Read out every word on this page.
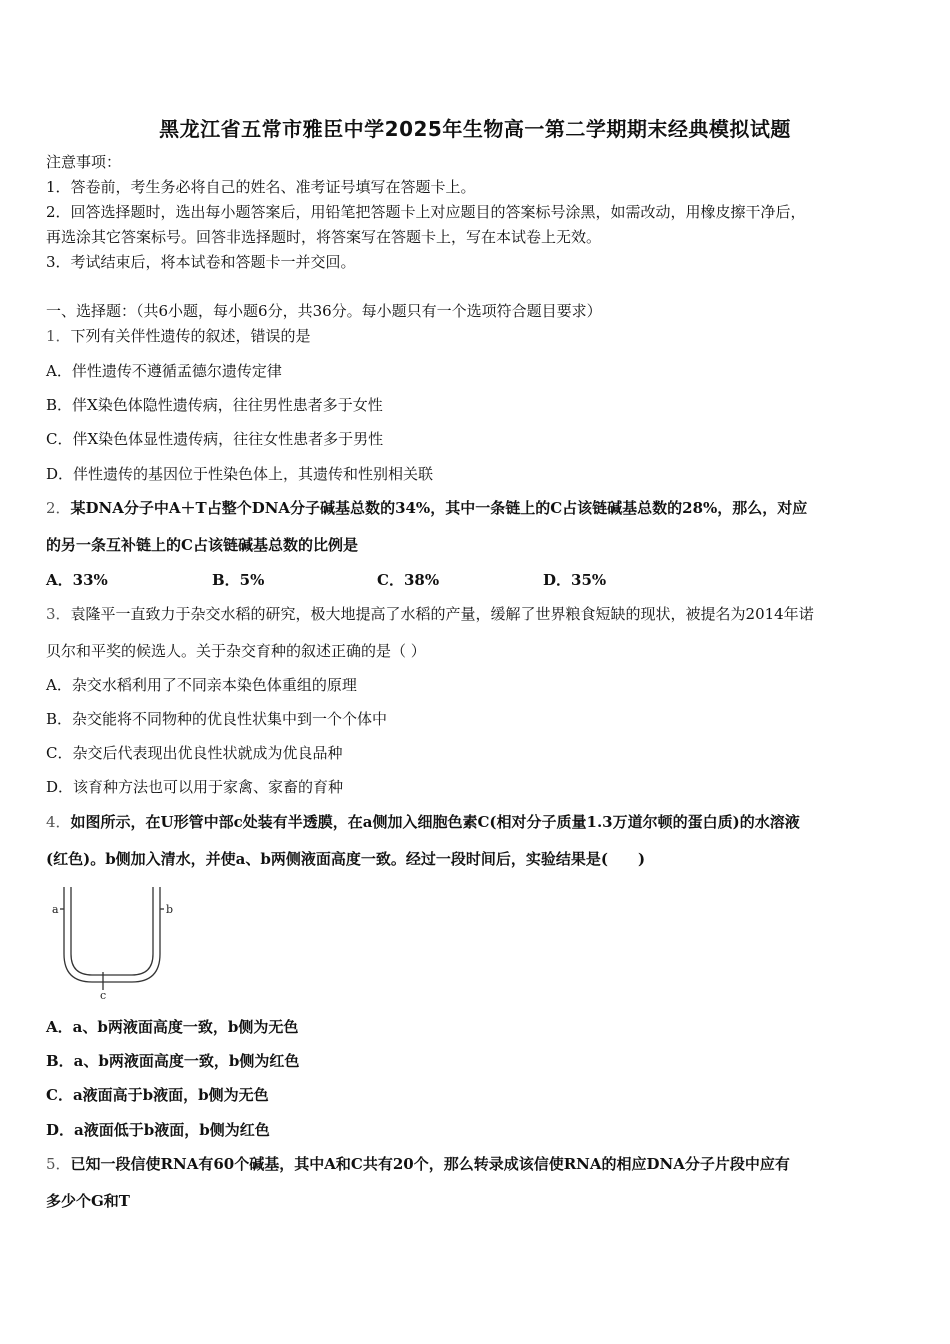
黑龙江省五常市雅臣中学2025年生物高一第二学期期末经典模拟试题
注意事项：
1．答卷前，考生务必将自己的姓名、准考证号填写在答题卡上。
2．回答选择题时，选出每小题答案后，用铅笔把答题卡上对应题目的答案标号涂黑，如需改动，用橡皮擦干净后，
再选涂其它答案标号。回答非选择题时，将答案写在答题卡上，写在本试卷上无效。
3．考试结束后，将本试卷和答题卡一并交回。
一、选择题：（共6小题，每小题6分，共36分。每小题只有一个选项符合题目要求）
1．下列有关伴性遗传的叙述，错误的是
A．伴性遗传不遵循孟德尔遗传定律
B．伴X染色体隐性遗传病，往往男性患者多于女性
C．伴X染色体显性遗传病，往往女性患者多于男性
D．伴性遗传的基因位于性染色体上，其遗传和性别相关联
2．某DNA分子中A＋T占整个DNA分子碱基总数的34%，其中一条链上的C占该链碱基总数的28%，那么，对应
的另一条互补链上的C占该链碱基总数的比例是
A．33%	B．5%	C．38%	D．35%
3．袁隆平一直致力于杂交水稻的研究，极大地提高了水稻的产量，缓解了世界粮食短缺的现状，被提名为2014年诺
贝尔和平奖的候选人。关于杂交育种的叙述正确的是（ ）
A．杂交水稻利用了不同亲本染色体重组的原理
B．杂交能将不同物种的优良性状集中到一个个体中
C．杂交后代表现出优良性状就成为优良品种
D．该育种方法也可以用于家禽、家畜的育种
4．如图所示，在U形管中部c处装有半透膜，在a侧加入细胞色素C(相对分子质量1.3万道尔顿的蛋白质)的水溶液
(红色)。b侧加入清水，并使a、b两侧液面高度一致。经过一段时间后，实验结果是(　　)
a	b
c
A．a、b两液面高度一致，b侧为无色
B．a、b两液面高度一致，b侧为红色
C．a液面高于b液面，b侧为无色
D．a液面低于b液面，b侧为红色
5．已知一段信使RNA有60个碱基，其中A和C共有20个，那么转录成该信使RNA的相应DNA分子片段中应有
多少个G和T
